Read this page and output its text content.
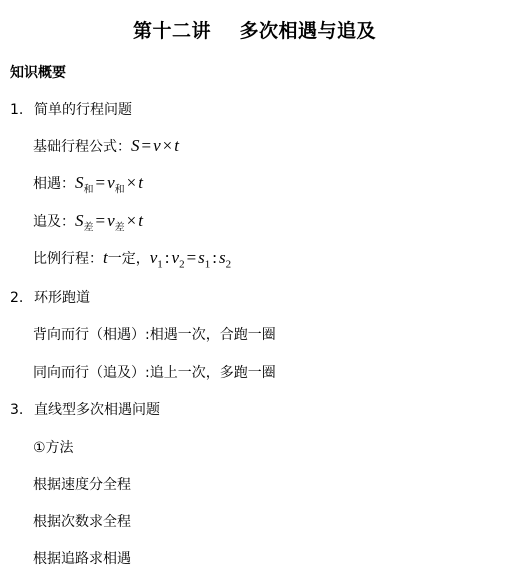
第十二讲    多次相遇与追及
知识概要
1. 简单的行程问题
基础行程公式：S = v × t
相遇：$S_和 = v_和 \times t$
追及：$S_差 = v_差 \times t$
比例行程：t一定，$v_1$ : $v_2 = s_1$ : $s_2$
2. 环形跑道
背向而行（相遇）:相遇一次，合跑一圈
同向而行（追及）:追上一次，多跑一圈
3. 直线型多次相遇问题
①方法
根据速度分全程
根据次数求全程
根据追路求相遇
